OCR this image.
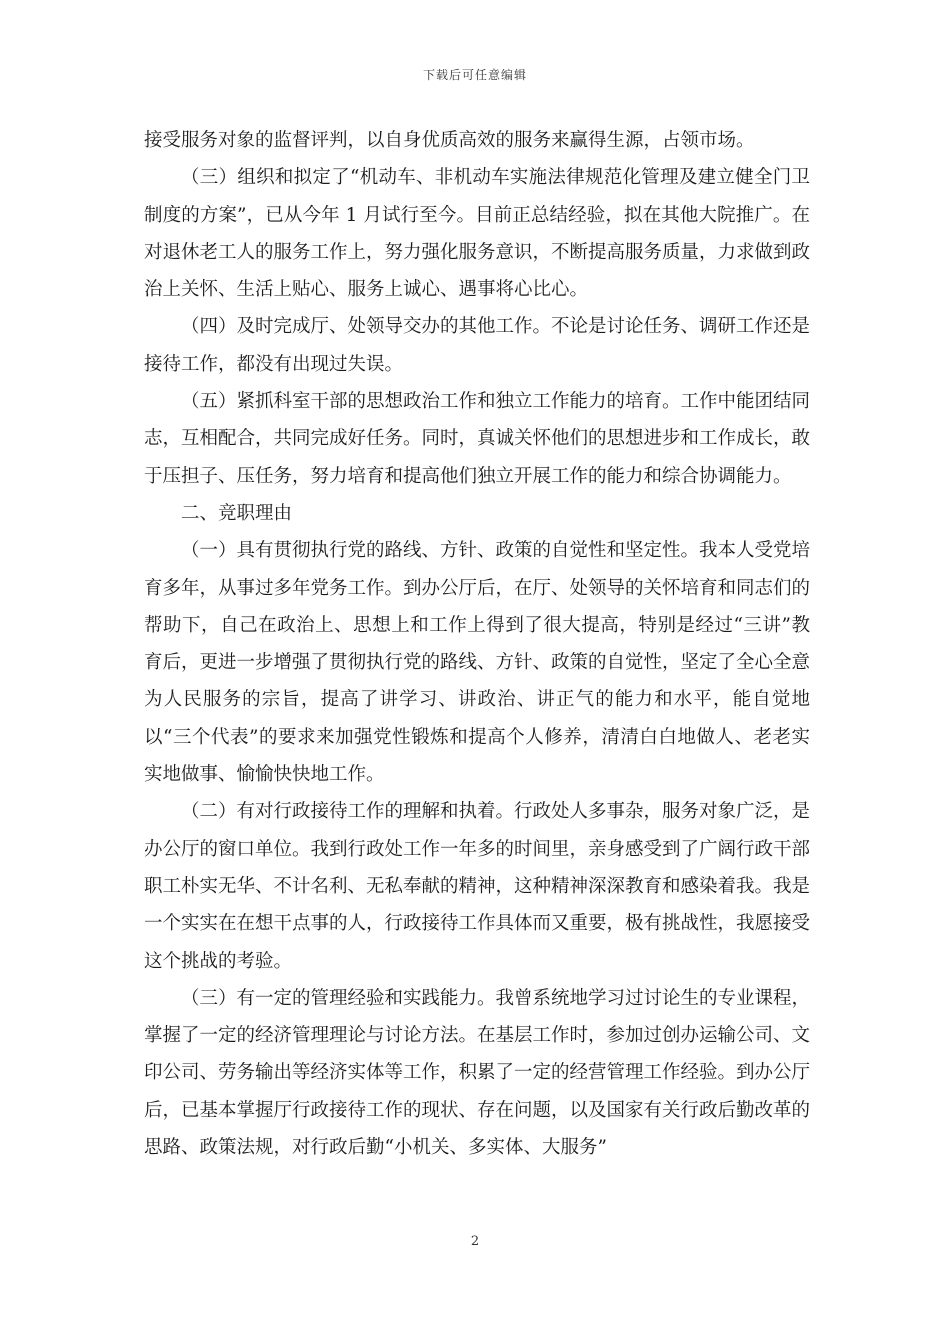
下载后可任意编辑

接受服务对象的监督评判，以自身优质高效的服务来赢得生源，占领市场。

（三）组织和拟定了“机动车、非机动车实施法律规范化管理及建立健全门卫制度的方案”，已从今年 1 月试行至今。目前正总结经验，拟在其他大院推广。在对退休老工人的服务工作上，努力强化服务意识，不断提高服务质量，力求做到政治上关怀、生活上贴心、服务上诚心、遇事将心比心。

（四）及时完成厅、处领导交办的其他工作。不论是讨论任务、调研工作还是接待工作，都没有出现过失误。

（五）紧抓科室干部的思想政治工作和独立工作能力的培育。工作中能团结同志，互相配合，共同完成好任务。同时，真诚关怀他们的思想进步和工作成长，敢于压担子、压任务，努力培育和提高他们独立开展工作的能力和综合协调能力。

二、竞职理由

（一）具有贯彻执行党的路线、方针、政策的自觉性和坚定性。我本人受党培育多年，从事过多年党务工作。到办公厅后，在厅、处领导的关怀培育和同志们的帮助下，自己在政治上、思想上和工作上得到了很大提高，特别是经过“三讲”教育后，更进一步增强了贯彻执行党的路线、方针、政策的自觉性，坚定了全心全意为人民服务的宗旨，提高了讲学习、讲政治、讲正气的能力和水平，能自觉地以“三个代表”的要求来加强党性锻炼和提高个人修养，清清白白地做人、老老实实地做事、愉愉快快地工作。

（二）有对行政接待工作的理解和执着。行政处人多事杂，服务对象广泛，是办公厅的窗口单位。我到行政处工作一年多的时间里，亲身感受到了广阔行政干部职工朴实无华、不计名利、无私奉献的精神，这种精神深深教育和感染着我。我是一个实实在在想干点事的人，行政接待工作具体而又重要，极有挑战性，我愿接受这个挑战的考验。

（三）有一定的管理经验和实践能力。我曾系统地学习过讨论生的专业课程，掌握了一定的经济管理理论与讨论方法。在基层工作时，参加过创办运输公司、文印公司、劳务输出等经济实体等工作，积累了一定的经营管理工作经验。到办公厅后，已基本掌握厅行政接待工作的现状、存在问题，以及国家有关行政后勤改革的思路、政策法规，对行政后勤“小机关、多实体、大服务”

2
